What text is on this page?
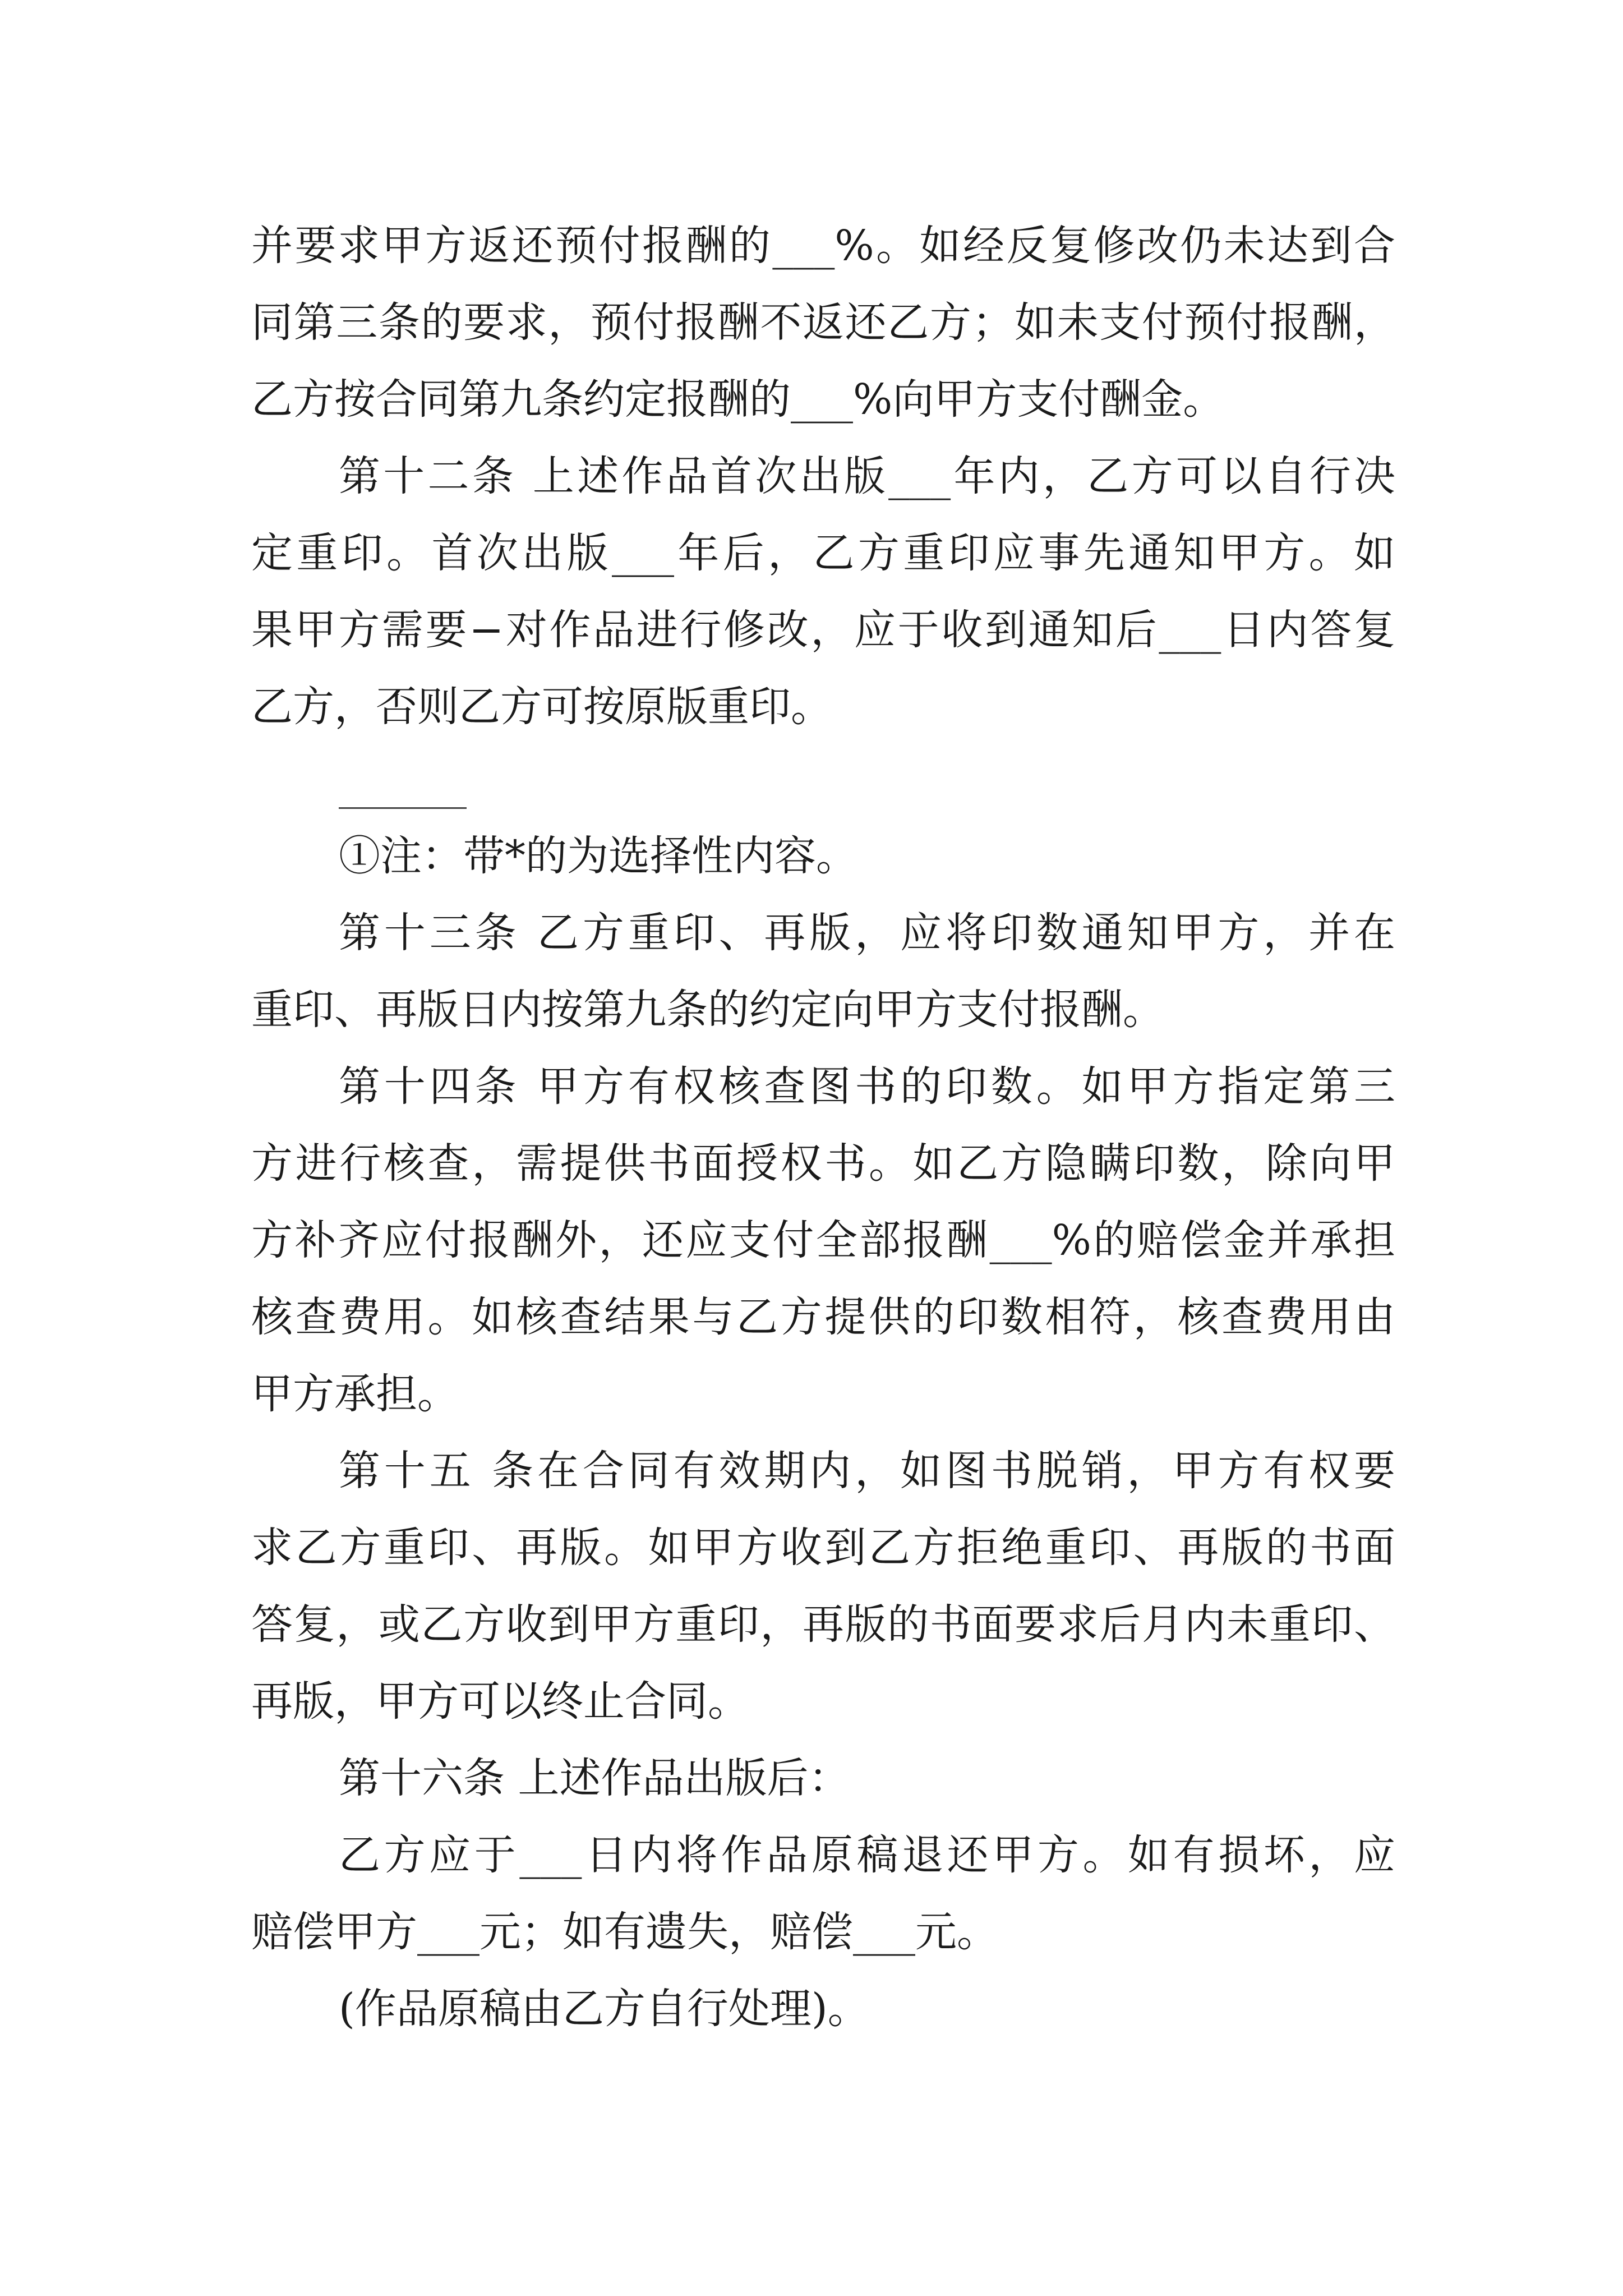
并要求甲方返还预付报酬的___%。如经反复修改仍未达到合
同第三条的要求，预付报酬不返还乙方；如未支付预付报酬，
乙方按合同第九条约定报酬的___%向甲方支付酬金。
第十二条 上述作品首次出版___年内，乙方可以自行决
定重印。首次出版___年后，乙方重印应事先通知甲方。如
果甲方需要−对作品进行修改，应于收到通知后___日内答复
乙方，否则乙方可按原版重印。
①注：带*的为选择性内容。
第十三条 乙方重印、再版，应将印数通知甲方，并在
重印、再版日内按第九条的约定向甲方支付报酬。
第十四条 甲方有权核查图书的印数。如甲方指定第三
方进行核查，需提供书面授权书。如乙方隐瞒印数，除向甲
方补齐应付报酬外，还应支付全部报酬___%的赔偿金并承担
核查费用。如核查结果与乙方提供的印数相符，核查费用由
甲方承担。
第十五 条在合同有效期内，如图书脱销，甲方有权要
求乙方重印、再版。如甲方收到乙方拒绝重印、再版的书面
答复，或乙方收到甲方重印，再版的书面要求后月内未重印、
再版，甲方可以终止合同。
第十六条 上述作品出版后：
乙方应于___日内将作品原稿退还甲方。如有损坏，应
赔偿甲方___元；如有遗失，赔偿___元。
(作品原稿由乙方自行处理)。
